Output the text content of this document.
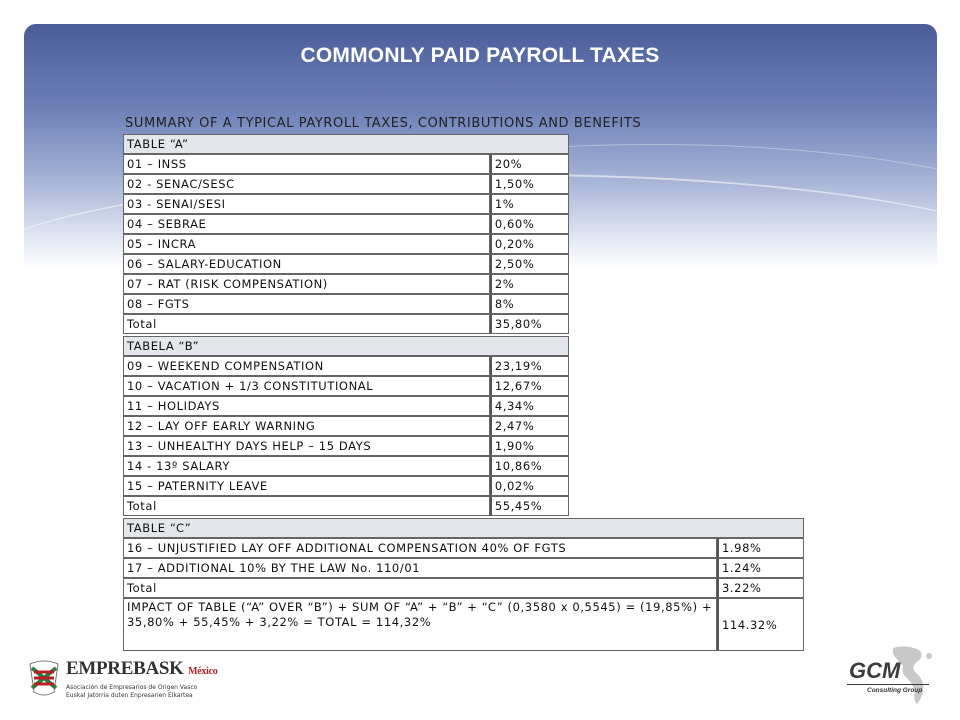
COMMONLY PAID PAYROLL TAXES
SUMMARY OF A TYPICAL PAYROLL TAXES, CONTRIBUTIONS AND BENEFITS
TABLE “A”	
01 – INSS	20%
02 - SENAC/SESC	1,50%
03 - SENAI/SESI	1%
04 – SEBRAE	0,60%
05 – INCRA	0,20%
06 – SALARY-EDUCATION	2,50%
07 – RAT (RISK COMPENSATION)	2%
08 – FGTS	8%
Total	35,80%
TABELA “B”	
09 – WEEKEND COMPENSATION	23,19%
10 – VACATION + 1/3 CONSTITUTIONAL	12,67%
11 – HOLIDAYS	4,34%
12 – LAY OFF EARLY WARNING	2,47%
13 – UNHEALTHY DAYS HELP – 15 DAYS	1,90%
14 - 13º SALARY	10,86%
15 – PATERNITY LEAVE	0,02%
Total	55,45%
TABLE “C”	
16 – UNJUSTIFIED LAY OFF ADDITIONAL COMPENSATION 40% OF FGTS	1.98%
17 – ADDITIONAL 10% BY THE LAW No. 110/01	1.24%
Total	3.22%
IMPACT OF TABLE (“A” OVER “B”) + SUM OF “A” + “B” + “C” (0,3580 x 0,5545) = (19,85%) + 35,80% + 55,45% + 3,22% = TOTAL = 114,32%	114.32%
EMPREBASK México
Asociación de Empresarios de Origen Vasco
Euskal Jatorria duten Enpresarien Elkartea
GCM
Consulting Group
